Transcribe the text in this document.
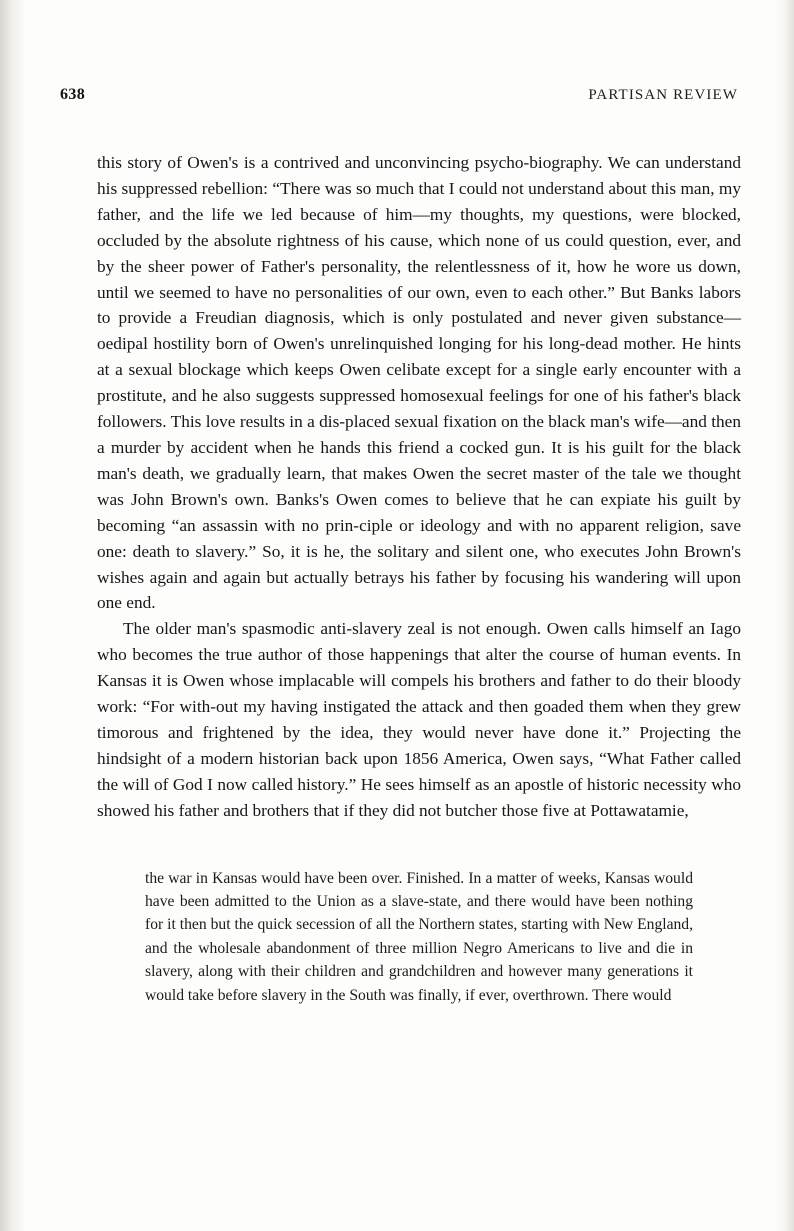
638	PARTISAN REVIEW

this story of Owen's is a contrived and unconvincing psycho-biography. We can understand his suppressed rebellion: “There was so much that I could not understand about this man, my father, and the life we led because of him—my thoughts, my questions, were blocked, occluded by the absolute rightness of his cause, which none of us could question, ever, and by the sheer power of Father's personality, the relentlessness of it, how he wore us down, until we seemed to have no personalities of our own, even to each other.” But Banks labors to provide a Freudian diagnosis, which is only postulated and never given substance—oedipal hostility born of Owen's unrelinquished longing for his long-dead mother. He hints at a sexual blockage which keeps Owen celibate except for a single early encounter with a prostitute, and he also suggests suppressed homosexual feelings for one of his father's black followers. This love results in a dis-placed sexual fixation on the black man's wife—and then a murder by accident when he hands this friend a cocked gun. It is his guilt for the black man's death, we gradually learn, that makes Owen the secret master of the tale we thought was John Brown's own. Banks's Owen comes to believe that he can expiate his guilt by becoming “an assassin with no prin-ciple or ideology and with no apparent religion, save one: death to slavery.” So, it is he, the solitary and silent one, who executes John Brown's wishes again and again but actually betrays his father by focusing his wandering will upon one end.

The older man's spasmodic anti-slavery zeal is not enough. Owen calls himself an Iago who becomes the true author of those happenings that alter the course of human events. In Kansas it is Owen whose implacable will compels his brothers and father to do their bloody work: “For with-out my having instigated the attack and then goaded them when they grew timorous and frightened by the idea, they would never have done it.” Projecting the hindsight of a modern historian back upon 1856 America, Owen says, “What Father called the will of God I now called history.” He sees himself as an apostle of historic necessity who showed his father and brothers that if they did not butcher those five at Pottawatamie,

the war in Kansas would have been over. Finished. In a matter of weeks, Kansas would have been admitted to the Union as a slave-state, and there would have been nothing for it then but the quick secession of all the Northern states, starting with New England, and the wholesale abandonment of three million Negro Americans to live and die in slavery, along with their children and grandchildren and however many generations it would take before slavery in the South was finally, if ever, overthrown. There would
